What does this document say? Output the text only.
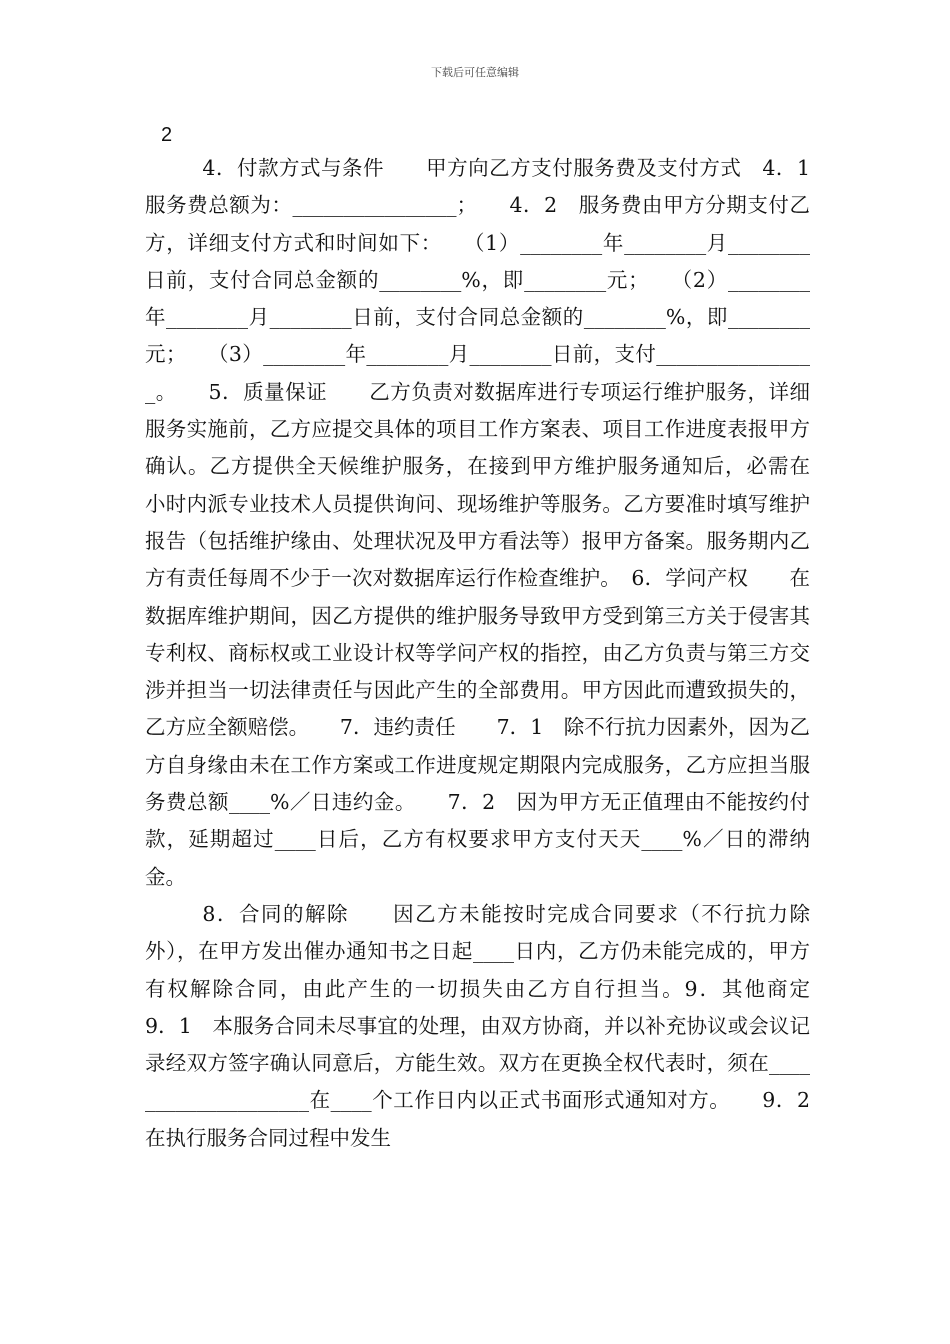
下载后可任意编辑
2

4．付款方式与条件　　甲方向乙方支付服务费及支付方式　4．1　服务费总额为：________________；　　4．2　服务费由甲方分期支付乙方，详细支付方式和时间如下：　　（1）________年________月________日前，支付合同总金额的________%，即________元；　　（2）________年________月________日前，支付合同总金额的________%，即________元；　　（3）________年________月________日前，支付________________。　　5．质量保证　　乙方负责对数据库进行专项运行维护服务，详细服务实施前，乙方应提交具体的项目工作方案表、项目工作进度表报甲方确认。乙方提供全天候维护服务，在接到甲方维护服务通知后，必需在　小时内派专业技术人员提供询问、现场维护等服务。乙方要准时填写维护报告（包括维护缘由、处理状况及甲方看法等）报甲方备案。服务期内乙方有责任每周不少于一次对数据库运行作检查维护。　6．学问产权　　在数据库维护期间，因乙方提供的维护服务导致甲方受到第三方关于侵害其专利权、商标权或工业设计权等学问产权的指控，由乙方负责与第三方交涉并担当一切法律责任与因此产生的全部费用。甲方因此而遭致损失的，乙方应全额赔偿。　　7．违约责任　　7．1　除不行抗力因素外，因为乙方自身缘由未在工作方案或工作进度规定期限内完成服务，乙方应担当服务费总额____%／日违约金。　　7．2　因为甲方无正值理由不能按约付款，延期超过____日后，乙方有权要求甲方支付天天____%／日的滞纳金。

8．合同的解除　　因乙方未能按时完成合同要求（不行抗力除外），在甲方发出催办通知书之日起____日内，乙方仍未能完成的，甲方有权解除合同，由此产生的一切损失由乙方自行担当。9．其他商定　　9．1　本服务合同未尽事宜的处理，由双方协商，并以补充协议或会议记录经双方签字确认同意后，方能生效。双方在更换全权代表时，须在____________________在____个工作日内以正式书面形式通知对方。　　9．2　在执行服务合同过程中发生
